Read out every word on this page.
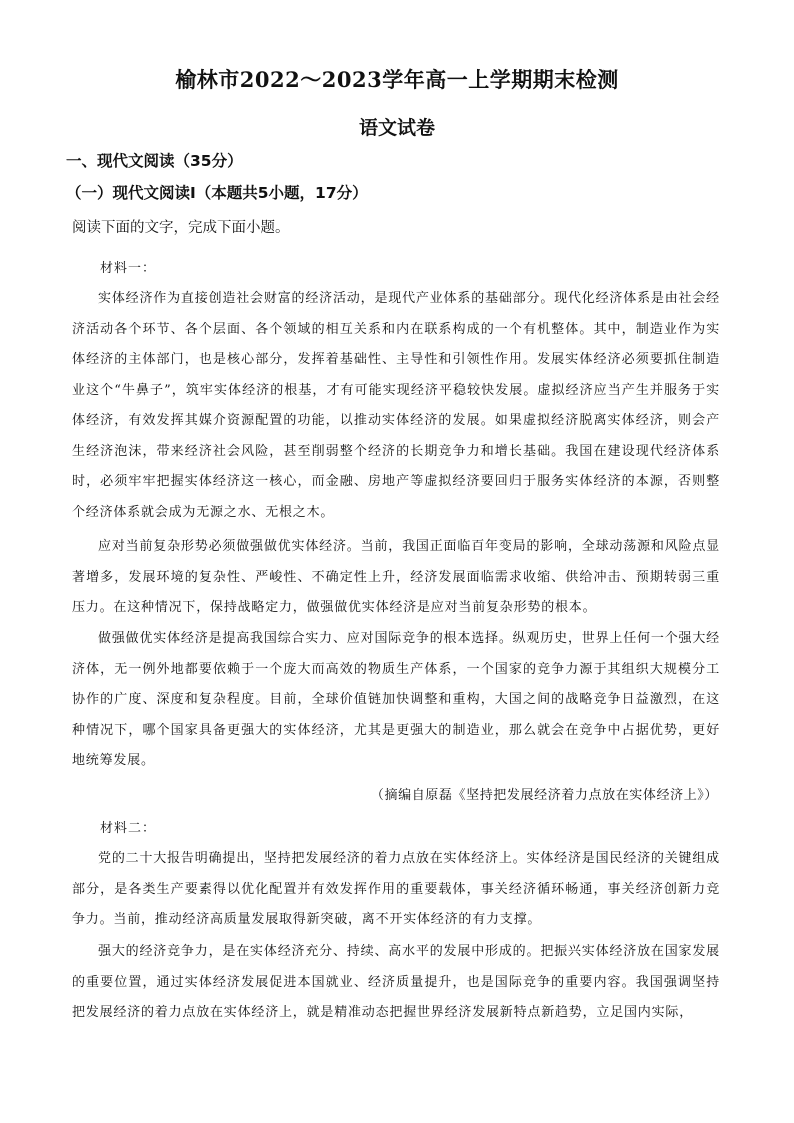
榆林市2022～2023学年高一上学期期末检测
语文试卷
一、现代文阅读（35分）
（一）现代文阅读Ⅰ（本题共5小题，17分）
阅读下面的文字，完成下面小题。
材料一：

实体经济作为直接创造社会财富的经济活动，是现代产业体系的基础部分。现代化经济体系是由社会经济活动各个环节、各个层面、各个领域的相互关系和内在联系构成的一个有机整体。其中，制造业作为实体经济的主体部门，也是核心部分，发挥着基础性、主导性和引领性作用。发展实体经济必须要抓住制造业这个“牛鼻子”，筑牢实体经济的根基，才有可能实现经济平稳较快发展。虚拟经济应当产生并服务于实体经济，有效发挥其媒介资源配置的功能，以推动实体经济的发展。如果虚拟经济脱离实体经济，则会产生经济泡沫，带来经济社会风险，甚至削弱整个经济的长期竞争力和增长基础。我国在建设现代经济体系时，必须牢牢把握实体经济这一核心，而金融、房地产等虚拟经济要回归于服务实体经济的本源，否则整个经济体系就会成为无源之水、无根之木。

应对当前复杂形势必须做强做优实体经济。当前，我国正面临百年变局的影响，全球动荡源和风险点显著增多，发展环境的复杂性、严峻性、不确定性上升，经济发展面临需求收缩、供给冲击、预期转弱三重压力。在这种情况下，保持战略定力，做强做优实体经济是应对当前复杂形势的根本。

做强做优实体经济是提高我国综合实力、应对国际竞争的根本选择。纵观历史，世界上任何一个强大经济体，无一例外地都要依赖于一个庞大而高效的物质生产体系，一个国家的竞争力源于其组织大规模分工协作的广度、深度和复杂程度。目前，全球价值链加快调整和重构，大国之间的战略竞争日益激烈，在这种情况下，哪个国家具备更强大的实体经济，尤其是更强大的制造业，那么就会在竞争中占据优势，更好地统筹发展。

（摘编自原磊《坚持把发展经济着力点放在实体经济上》）
材料二：

党的二十大报告明确提出，坚持把发展经济的着力点放在实体经济上。实体经济是国民经济的关键组成部分，是各类生产要素得以优化配置并有效发挥作用的重要载体，事关经济循环畅通，事关经济创新力竞争力。当前，推动经济高质量发展取得新突破，离不开实体经济的有力支撑。

强大的经济竞争力，是在实体经济充分、持续、高水平的发展中形成的。把振兴实体经济放在国家发展的重要位置，通过实体经济发展促进本国就业、经济质量提升，也是国际竞争的重要内容。我国强调坚持把发展经济的着力点放在实体经济上，就是精准动态把握世界经济发展新特点新趋势，立足国内实际，
